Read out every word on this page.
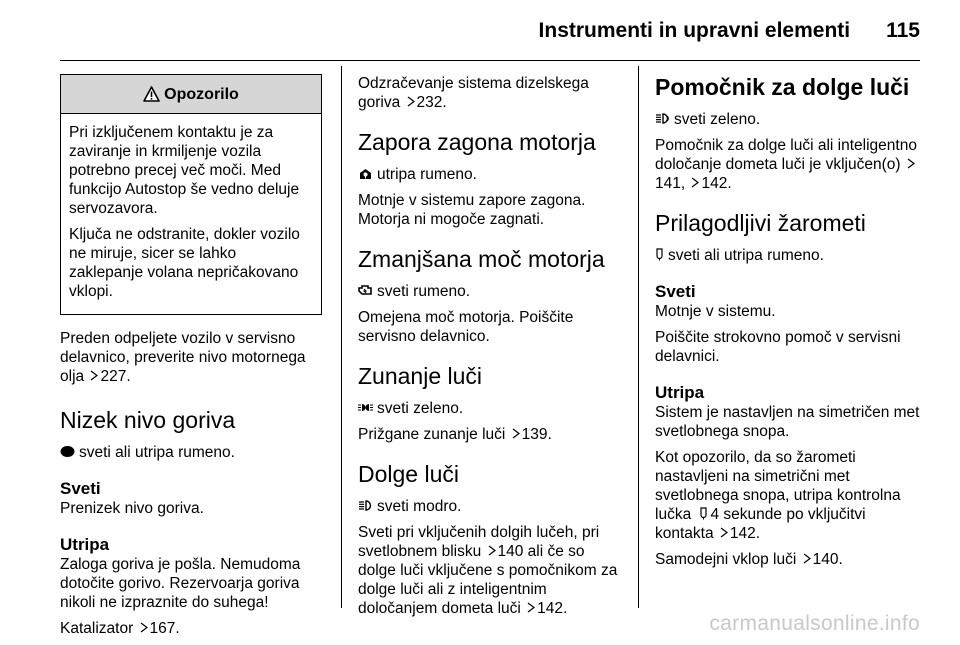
Instrumenti in upravni elementi 115
Opozorilo

Pri izključenem kontaktu je za zaviranje in krmiljenje vozila potrebno precej več moči. Med funkcijo Autostop še vedno deluje servozavora.

Ključa ne odstranite, dokler vozilo ne miruje, sicer se lahko zaklepanje volana nepričakovano vklopi.

Preden odpeljete vozilo v servisno delavnico, preverite nivo motornega olja 227.

Nizek nivo goriva

sveti ali utripa rumeno.

Sveti

Prenizek nivo goriva.

Utripa

Zaloga goriva je pošla. Nemudoma dotočite gorivo. Rezervoarja goriva nikoli ne izpraznite do suhega!

Katalizator 167.

Odzračevanje sistema dizelskega goriva 232.

Zapora zagona motorja

utripa rumeno.

Motnje v sistemu zapore zagona. Motorja ni mogoče zagnati.

Zmanjšana moč motorja

sveti rumeno.

Omejena moč motorja. Poiščite servisno delavnico.

Zunanje luči

sveti zeleno.

Prižgane zunanje luči 139.

Dolge luči

sveti modro.

Sveti pri vključenih dolgih lučeh, pri svetlobnem blisku 140 ali če so dolge luči vključene s pomočnikom za dolge luči ali z inteligentnim določanjem dometa luči 142.

Pomočnik za dolge luči

sveti zeleno.

Pomočnik za dolge luči ali inteligentno določanje dometa luči je vključen(o) 141, 142.

Prilagodljivi žarometi

sveti ali utripa rumeno.

Sveti

Motnje v sistemu.

Poiščite strokovno pomoč v servisni delavnici.

Utripa

Sistem je nastavljen na simetričen met svetlobnega snopa.

Kot opozorilo, da so žarometi nastavljeni na simetrični met svetlobnega snopa, utripa kontrolna lučka 4 sekunde po vključitvi kontakta 142.

Samodejni vklop luči 140.

carmanualsonline.info
